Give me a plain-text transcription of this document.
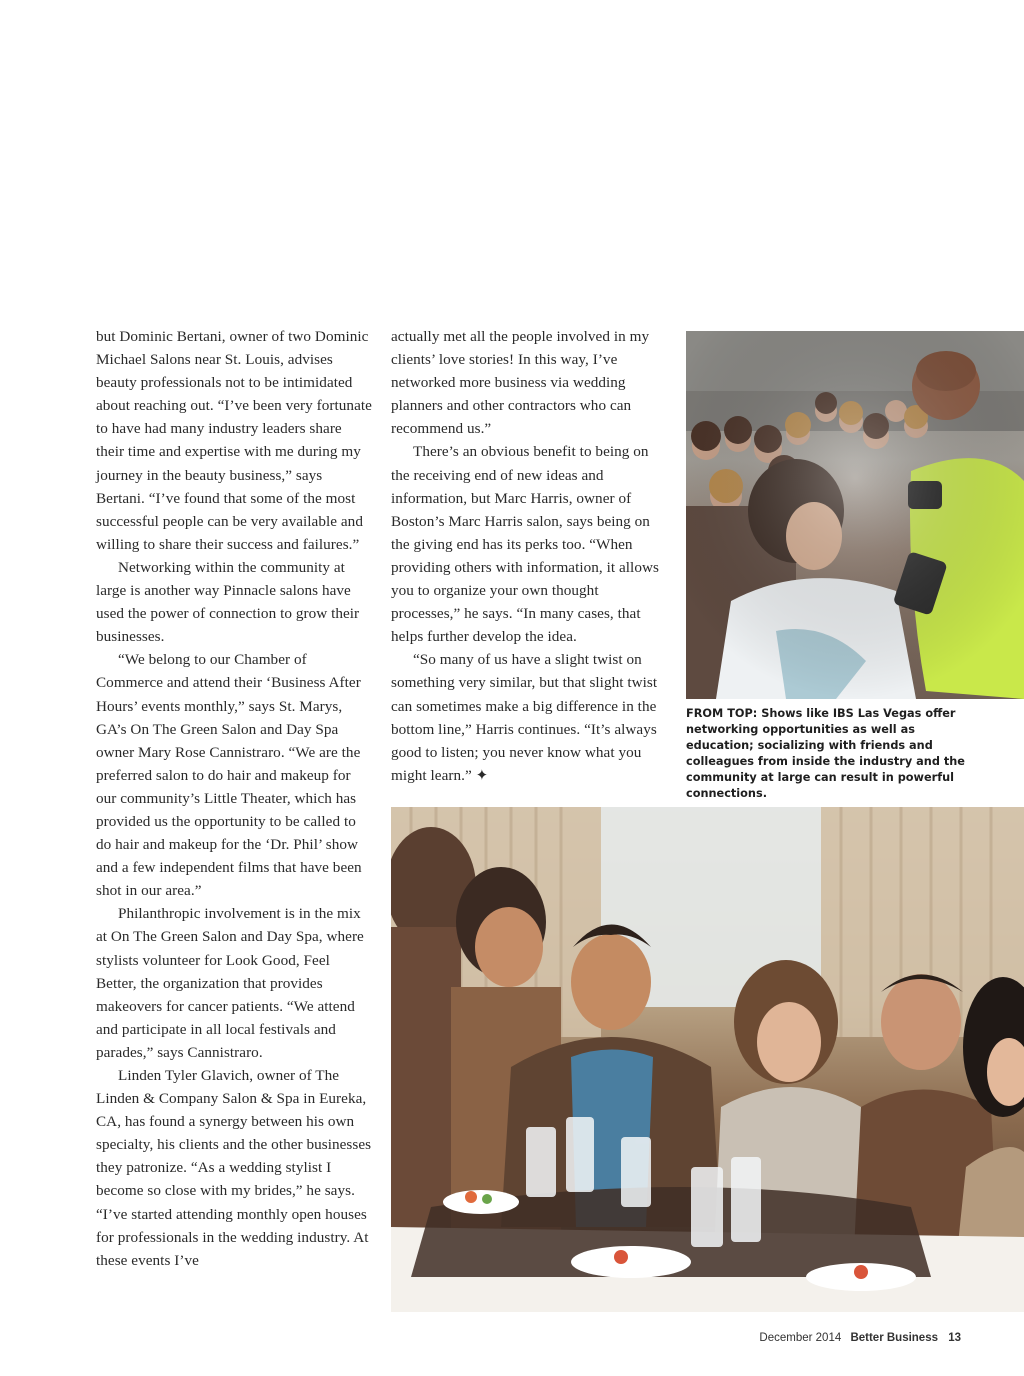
but Dominic Bertani, owner of two Dominic Michael Salons near St. Louis, advises beauty professionals not to be intimidated about reaching out. “I’ve been very fortunate to have had many industry leaders share their time and expertise with me during my journey in the beauty business,” says Bertani. “I’ve found that some of the most successful people can be very available and willing to share their success and failures.”

Networking within the community at large is another way Pinnacle salons have used the power of connection to grow their businesses.

“We belong to our Chamber of Commerce and attend their ‘Business After Hours’ events monthly,” says St. Marys, GA’s On The Green Salon and Day Spa owner Mary Rose Cannistraro. “We are the preferred salon to do hair and makeup for our community’s Little Theater, which has provided us the opportunity to be called to do hair and makeup for the ‘Dr. Phil’ show and a few independent films that have been shot in our area.”

Philanthropic involvement is in the mix at On The Green Salon and Day Spa, where stylists volunteer for Look Good, Feel Better, the organization that provides makeovers for cancer patients. “We attend and participate in all local festivals and parades,” says Cannistraro.

Linden Tyler Glavich, owner of The Linden & Company Salon & Spa in Eureka, CA, has found a synergy between his own specialty, his clients and the other businesses they patronize. “As a wedding stylist I become so close with my brides,” he says. “I’ve started attending monthly open houses for professionals in the wedding industry. At these events I’ve

actually met all the people involved in my clients’ love stories! In this way, I’ve networked more business via wedding planners and other contractors who can recommend us.”

There’s an obvious benefit to being on the receiving end of new ideas and information, but Marc Harris, owner of Boston’s Marc Harris salon, says being on the giving end has its perks too. “When providing others with information, it allows you to organize your own thought processes,” he says. “In many cases, that helps further develop the idea.

“So many of us have a slight twist on something very similar, but that slight twist can sometimes make a big difference in the bottom line,” Harris continues. “It’s always good to listen; you never know what you might learn.” ✦

FROM TOP: Shows like IBS Las Vegas offer networking opportunities as well as education; socializing with friends and colleagues from inside the industry and the community at large can result in powerful connections.
December 2014 Better Business 13
